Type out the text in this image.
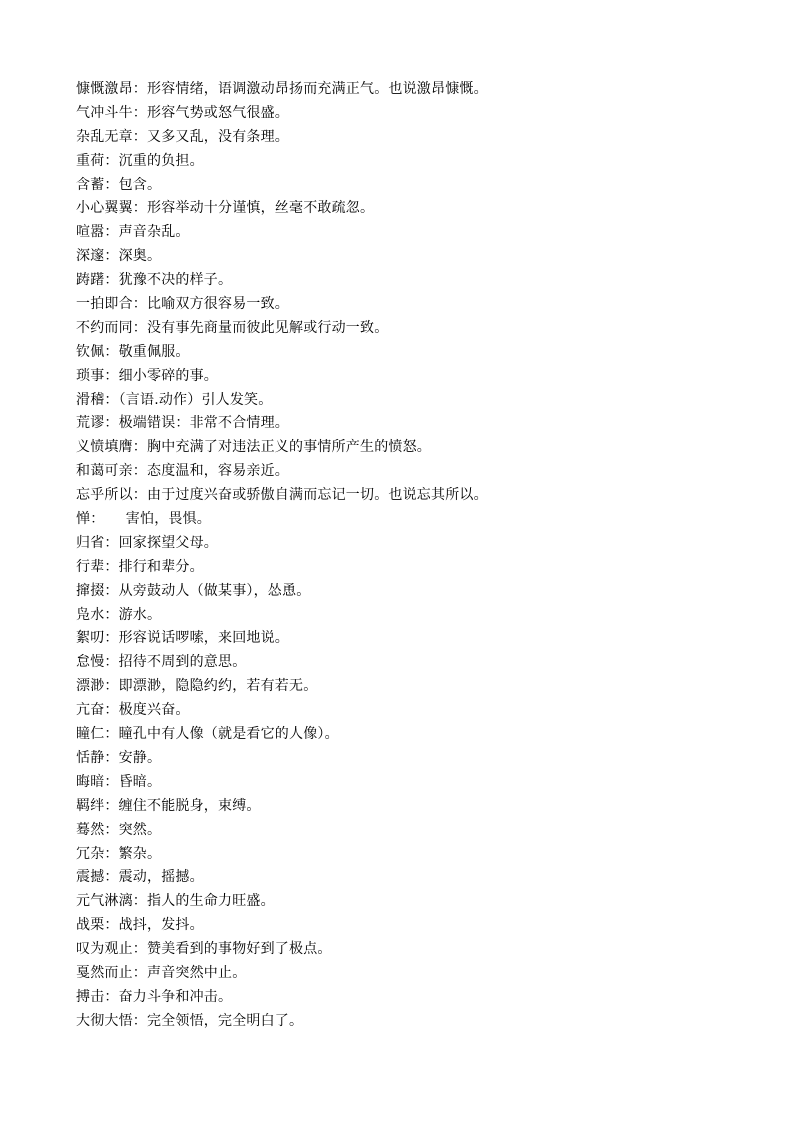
慷慨激昂：形容情绪，语调激动昂扬而充满正气。也说激昂慷慨。
气冲斗牛：形容气势或怒气很盛。
杂乱无章：又多又乱，没有条理。
重荷：沉重的负担。
含蓄：包含。
小心翼翼：形容举动十分谨慎，丝毫不敢疏忽。
喧嚣：声音杂乱。
深邃：深奥。
踌躇：犹豫不决的样子。
一拍即合：比喻双方很容易一致。
不约而同：没有事先商量而彼此见解或行动一致。
钦佩：敬重佩服。
琐事：细小零碎的事。
滑稽：（言语.动作）引人发笑。
荒谬：极端错误：非常不合情理。
义愤填膺：胸中充满了对违法正义的事情所产生的愤怒。
和蔼可亲：态度温和，容易亲近。
忘乎所以：由于过度兴奋或骄傲自满而忘记一切。也说忘其所以。
惮：　　害怕，畏惧。
归省：回家探望父母。
行辈：排行和辈分。
撺掇：从旁鼓动人（做某事），怂恿。
凫水：游水。
絮叨：形容说话啰嗦，来回地说。
怠慢：招待不周到的意思。
漂渺：即漂渺，隐隐约约，若有若无。
亢奋：极度兴奋。
瞳仁：瞳孔中有人像（就是看它的人像）。
恬静：安静。
晦暗：昏暗。
羁绊：缠住不能脱身，束缚。
蓦然：突然。
冗杂：繁杂。
震撼：震动，摇撼。
元气淋漓：指人的生命力旺盛。
战栗：战抖，发抖。
叹为观止：赞美看到的事物好到了极点。
戛然而止：声音突然中止。
搏击：奋力斗争和冲击。
大彻大悟：完全领悟，完全明白了。
